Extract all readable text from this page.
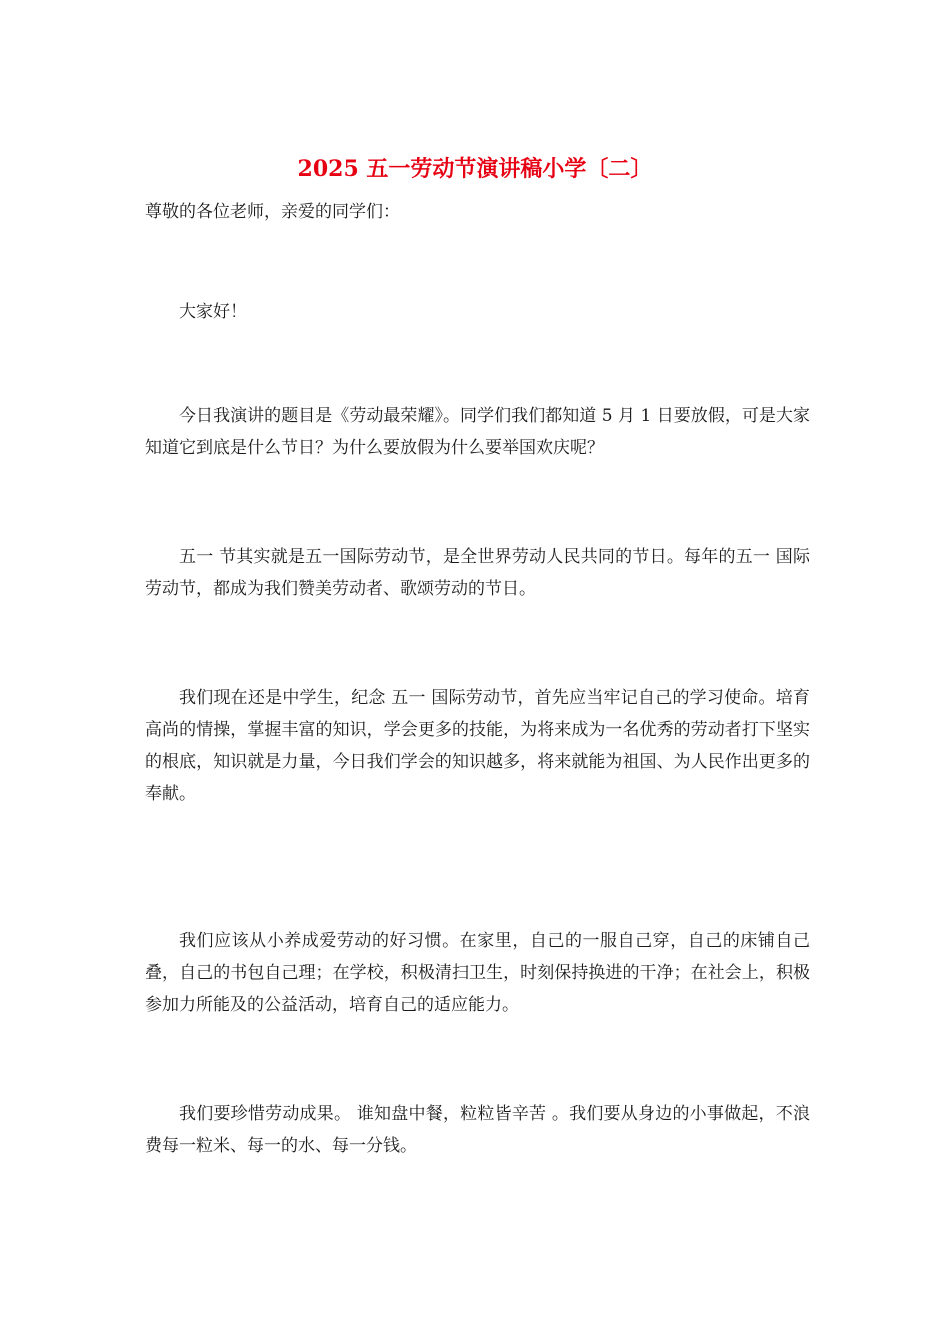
2025 五一劳动节演讲稿小学〔二〕

尊敬的各位老师，亲爱的同学们：

大家好！

今日我演讲的题目是《劳动最荣耀》。同学们我们都知道 5 月 1 日要放假，可是大家知道它到底是什么节日？为什么要放假为什么要举国欢庆呢？

五一 节其实就是五一国际劳动节，是全世界劳动人民共同的节日。每年的五一 国际劳动节，都成为我们赞美劳动者、歌颂劳动的节日。

我们现在还是中学生，纪念 五一 国际劳动节，首先应当牢记自己的学习使命。培育高尚的情操，掌握丰富的知识，学会更多的技能，为将来成为一名优秀的劳动者打下坚实的根底，知识就是力量，今日我们学会的知识越多，将来就能为祖国、为人民作出更多的奉献。

我们应该从小养成爱劳动的好习惯。在家里，自己的一服自己穿，自己的床铺自己叠，自己的书包自己理；在学校，积极清扫卫生，时刻保持换进的干净；在社会上，积极参加力所能及的公益活动，培育自己的适应能力。

我们要珍惜劳动成果。 谁知盘中餐，粒粒皆辛苦 。我们要从身边的小事做起，不浪费每一粒米、每一的水、每一分钱。
